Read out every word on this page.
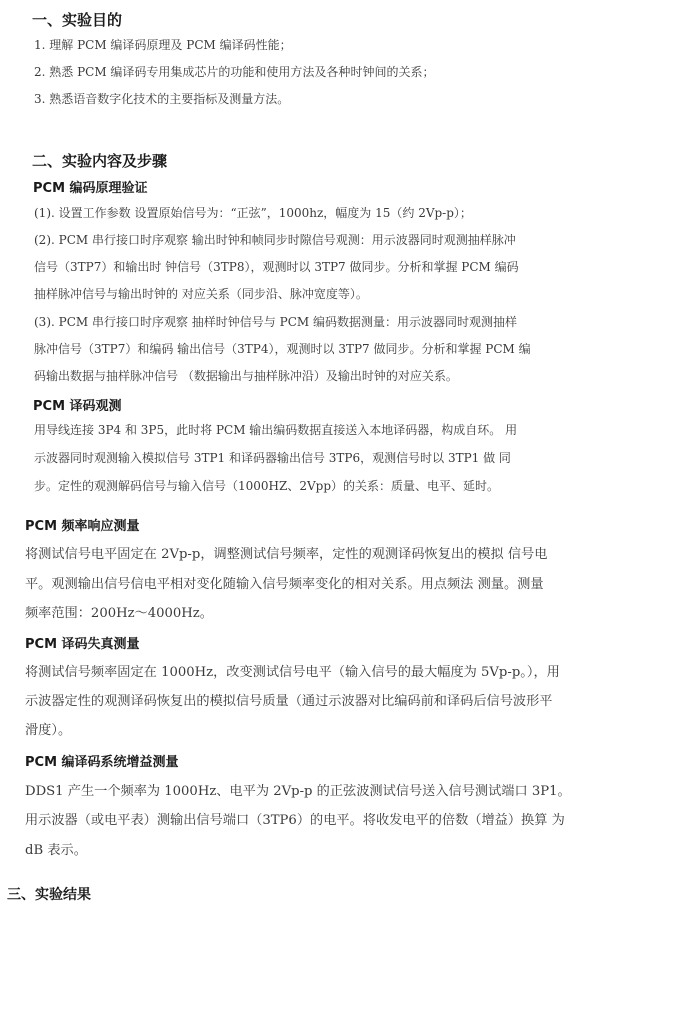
一、实验目的
1. 理解 PCM 编译码原理及 PCM 编译码性能；
2. 熟悉 PCM 编译码专用集成芯片的功能和使用方法及各种时钟间的关系；
3. 熟悉语音数字化技术的主要指标及测量方法。
二、实验内容及步骤
PCM 编码原理验证
(1). 设置工作参数 设置原始信号为：“正弦”，1000hz，幅度为 15（约 2Vp-p）；
(2). PCM 串行接口时序观察 输出时钟和帧同步时隙信号观测：用示波器同时观测抽样脉冲
信号（3TP7）和输出时 钟信号（3TP8），观测时以 3TP7 做同步。分析和掌握 PCM 编码
抽样脉冲信号与输出时钟的 对应关系（同步沿、脉冲宽度等）。
(3). PCM 串行接口时序观察 抽样时钟信号与 PCM 编码数据测量：用示波器同时观测抽样
脉冲信号（3TP7）和编码 输出信号（3TP4），观测时以 3TP7 做同步。分析和掌握 PCM 编
码输出数据与抽样脉冲信号 （数据输出与抽样脉冲沿）及输出时钟的对应关系。
PCM 译码观测
用导线连接 3P4 和 3P5，此时将 PCM 输出编码数据直接送入本地译码器，构成自环。 用
示波器同时观测输入模拟信号 3TP1 和译码器输出信号 3TP6，观测信号时以 3TP1 做 同
步。定性的观测解码信号与输入信号（1000HZ、2Vpp）的关系：质量、电平、延时。
PCM 频率响应测量
将测试信号电平固定在 2Vp-p，调整测试信号频率，定性的观测译码恢复出的模拟 信号电
平。观测输出信号信电平相对变化随输入信号频率变化的相对关系。用点频法 测量。测量
频率范围：200Hz～4000Hz。
PCM 译码失真测量
将测试信号频率固定在 1000Hz，改变测试信号电平（输入信号的最大幅度为 5Vp-p。），用
示波器定性的观测译码恢复出的模拟信号质量（通过示波器对比编码前和译码后信号波形平
滑度）。
PCM 编译码系统增益测量
DDS1 产生一个频率为 1000Hz、电平为 2Vp-p 的正弦波测试信号送入信号测试端口 3P1。
用示波器（或电平表）测输出信号端口（3TP6）的电平。将收发电平的倍数（增益）换算 为
dB 表示。
三、实验结果
